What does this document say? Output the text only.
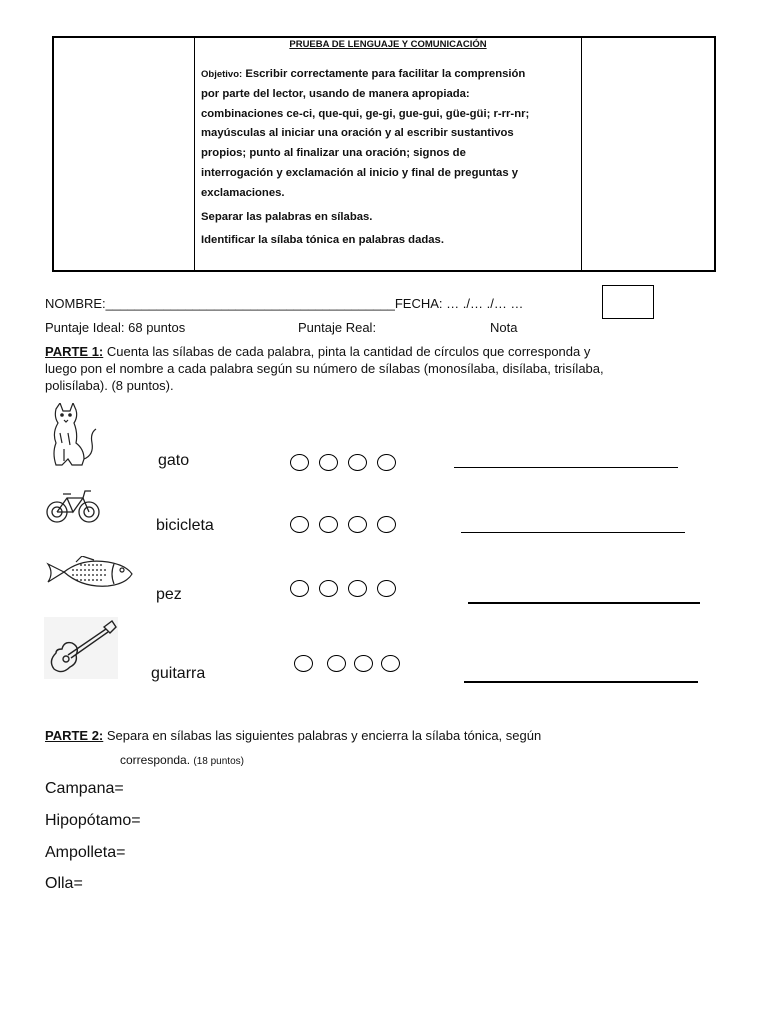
PRUEBA DE LENGUAJE Y COMUNICACIÓN
Objetivo: Escribir correctamente para facilitar la comprensión
por parte del lector, usando de manera apropiada:
combinaciones ce-ci, que-qui, ge-gi, gue-gui, güe-güi; r-rr-nr;
mayúsculas al iniciar una oración y al escribir sustantivos
propios; punto al finalizar una oración; signos de
interrogación y exclamación al inicio y final de preguntas y
exclamaciones.
Separar las palabras en sílabas.
Identificar la sílaba tónica en palabras dadas.
NOMBRE:________________________________________FECHA: … ./… ./… …
Puntaje Ideal: 68 puntos	Puntaje Real:	Nota
PARTE 1: Cuenta las sílabas de cada palabra, pinta la cantidad de círculos que corresponda y
luego pon el nombre a cada palabra según su número de sílabas (monosílaba, disílaba, trisílaba,
polisílaba). (8 puntos).
gato
bicicleta
pez
guitarra
PARTE 2: Separa en sílabas las siguientes palabras y encierra la sílaba tónica, según
corresponda. (18 puntos)
Campana=
Hipopótamo=
Ampolleta=
Olla=
